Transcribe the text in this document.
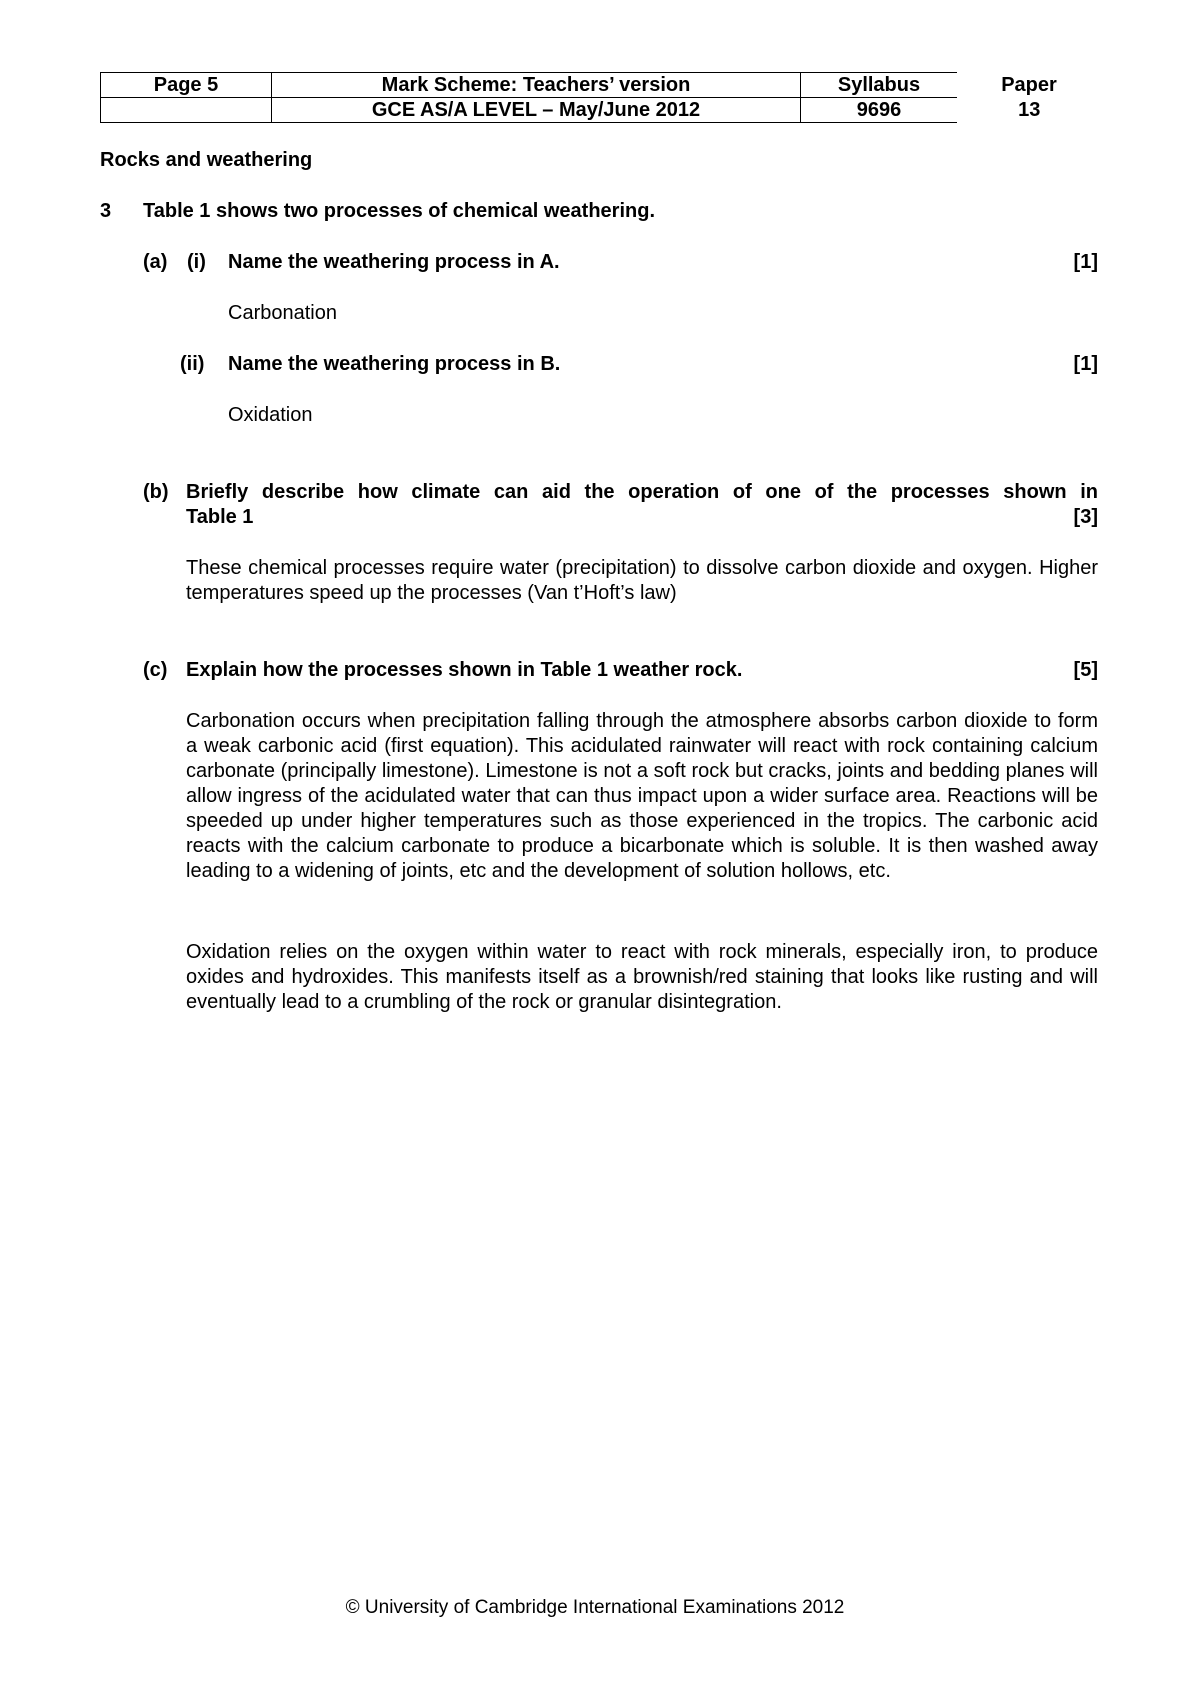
Page 5	Mark Scheme: Teachers’ version	Syllabus	Paper
	GCE AS/A LEVEL – May/June 2012	9696	13
Rocks and weathering
3 Table 1 shows two processes of chemical weathering.
(a) (i) Name the weathering process in A.	[1]
Carbonation
(ii) Name the weathering process in B.	[1]
Oxidation
(b) Briefly describe how climate can aid the operation of one of the processes shown in
Table 1	[3]
These chemical processes require water (precipitation) to dissolve carbon dioxide and oxygen. Higher temperatures speed up the processes (Van t’Hoft’s law)
(c) Explain how the processes shown in Table 1 weather rock.	[5]
Carbonation occurs when precipitation falling through the atmosphere absorbs carbon dioxide to form a weak carbonic acid (first equation). This acidulated rainwater will react with rock containing calcium carbonate (principally limestone). Limestone is not a soft rock but cracks, joints and bedding planes will allow ingress of the acidulated water that can thus impact upon a wider surface area. Reactions will be speeded up under higher temperatures such as those experienced in the tropics. The carbonic acid reacts with the calcium carbonate to produce a bicarbonate which is soluble. It is then washed away leading to a widening of joints, etc and the development of solution hollows, etc.
Oxidation relies on the oxygen within water to react with rock minerals, especially iron, to produce oxides and hydroxides. This manifests itself as a brownish/red staining that looks like rusting and will eventually lead to a crumbling of the rock or granular disintegration.
© University of Cambridge International Examinations 2012
